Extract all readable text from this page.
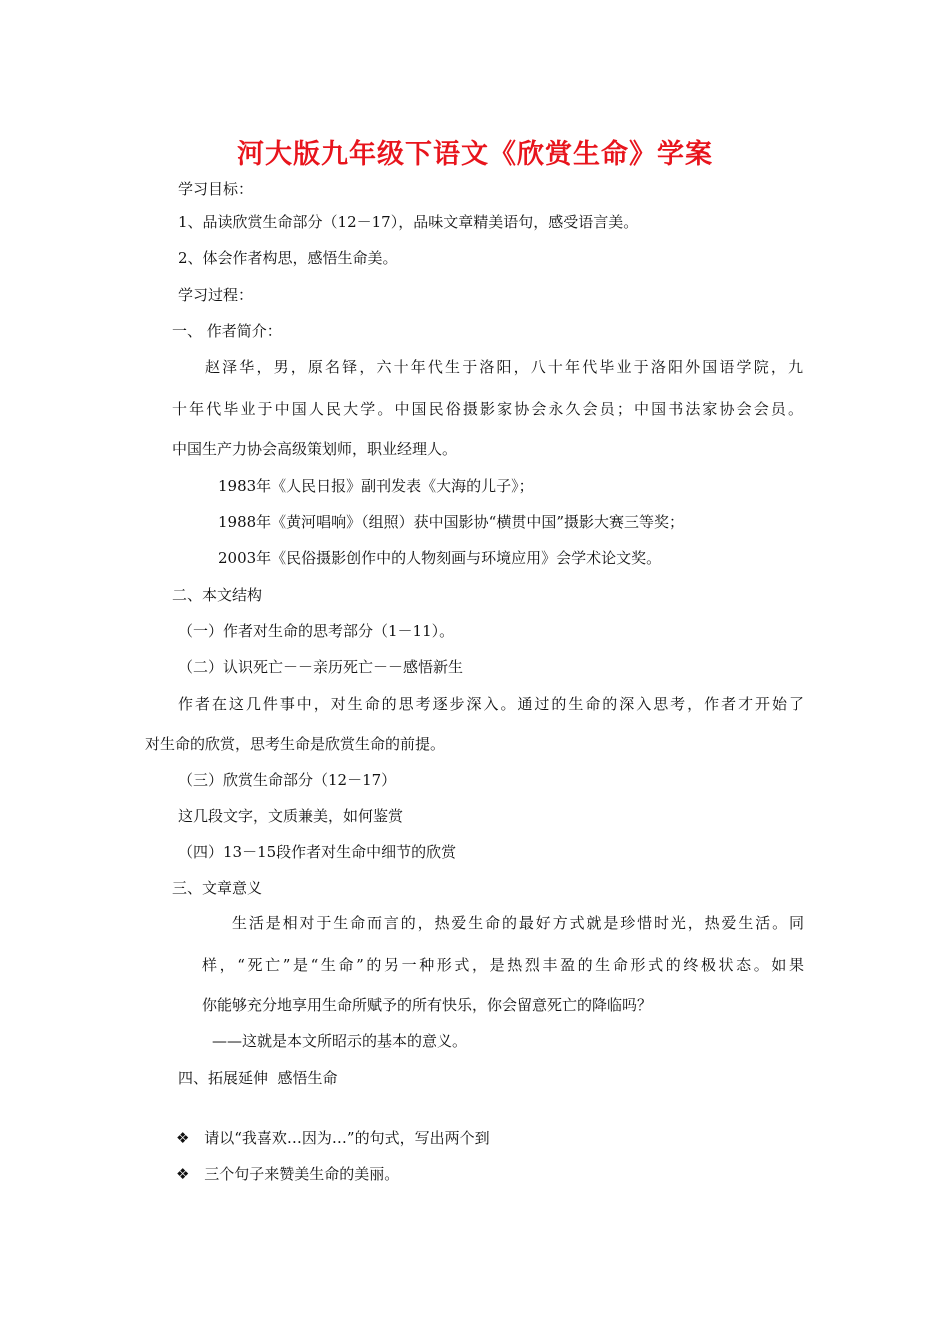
河大版九年级下语文《欣赏生命》学案
学习目标：
1、品读欣赏生命部分（12－17），品味文章精美语句，感受语言美。
2、体会作者构思，感悟生命美。
学习过程：
一、 作者简介：
赵泽华，男，原名铎，六十年代生于洛阳，八十年代毕业于洛阳外国语学院，九
十年代毕业于中国人民大学。中国民俗摄影家协会永久会员；中国书法家协会会员。
中国生产力协会高级策划师，职业经理人。
1983年《人民日报》副刊发表《大海的儿子》；
1988年《黄河唱响》（组照）获中国影协“横贯中国”摄影大赛三等奖；
2003年《民俗摄影创作中的人物刻画与环境应用》会学术论文奖。
二、本文结构
（一）作者对生命的思考部分（1－11）。
（二）认识死亡－－亲历死亡－－感悟新生
作者在这几件事中，对生命的思考逐步深入。通过的生命的深入思考，作者才开始了
对生命的欣赏，思考生命是欣赏生命的前提。
（三）欣赏生命部分（12－17）
这几段文字，文质兼美，如何鉴赏
（四）13－15段作者对生命中细节的欣赏
三、文章意义
生活是相对于生命而言的，热爱生命的最好方式就是珍惜时光，热爱生活。同
样，“死亡”是“生命”的另一种形式，是热烈丰盈的生命形式的终极状态。如果
你能够充分地享用生命所赋予的所有快乐，你会留意死亡的降临吗？
——这就是本文所昭示的基本的意义。
四、拓展延伸  感悟生命
❖ 请以“我喜欢…因为…”的句式，写出两个到
❖ 三个句子来赞美生命的美丽。
